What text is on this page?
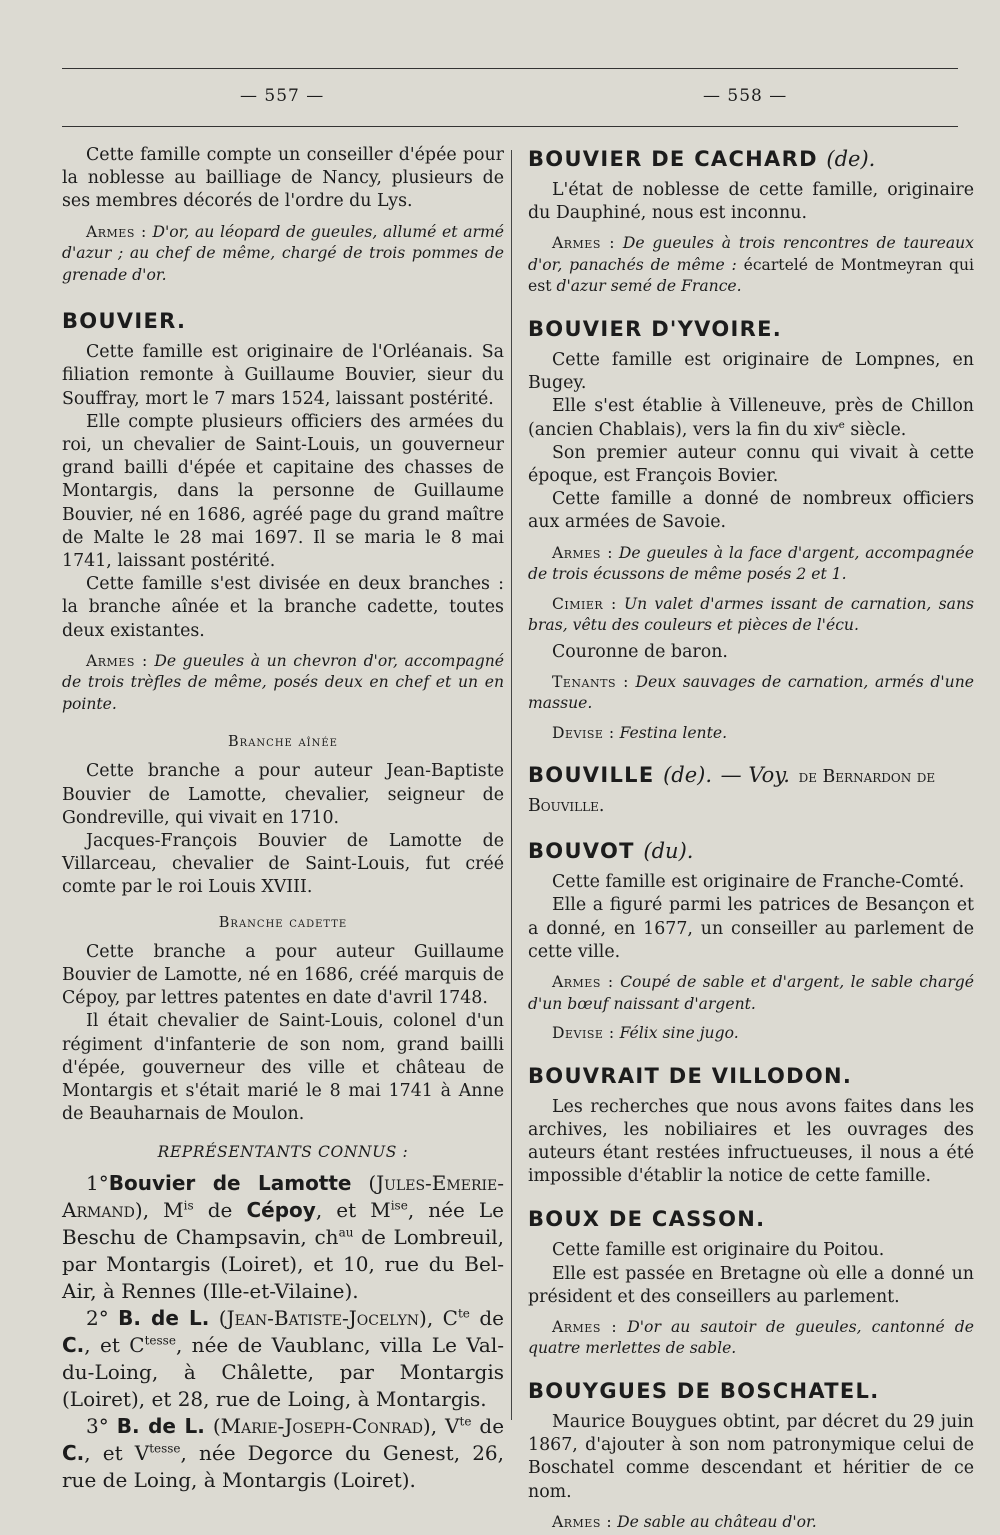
— 557 —	— 558 —

Cette famille compte un conseiller d'épée pour la noblesse au bailliage de Nancy, plusieurs de ses membres décorés de l'ordre du Lys.

Armes : D'or, au léopard de gueules, allumé et armé d'azur ; au chef de même, chargé de trois pommes de grenade d'or.

BOUVIER.

Cette famille est originaire de l'Orléanais. Sa filiation remonte à Guillaume Bouvier, sieur du Souffray, mort le 7 mars 1524, laissant postérité.

Elle compte plusieurs officiers des armées du roi, un chevalier de Saint-Louis, un gouverneur grand bailli d'épée et capitaine des chasses de Montargis, dans la personne de Guillaume Bouvier, né en 1686, agréé page du grand maître de Malte le 28 mai 1697. Il se maria le 8 mai 1741, laissant postérité.

Cette famille s'est divisée en deux branches : la branche aînée et la branche cadette, toutes deux existantes.

Armes : De gueules à un chevron d'or, accompagné de trois trèfles de même, posés deux en chef et un en pointe.

Branche aînée

Cette branche a pour auteur Jean-Baptiste Bouvier de Lamotte, chevalier, seigneur de Gondreville, qui vivait en 1710.

Jacques-François Bouvier de Lamotte de Villarceau, chevalier de Saint-Louis, fut créé comte par le roi Louis XVIII.

Branche cadette

Cette branche a pour auteur Guillaume Bouvier de Lamotte, né en 1686, créé marquis de Cépoy, par lettres patentes en date d'avril 1748.

Il était chevalier de Saint-Louis, colonel d'un régiment d'infanterie de son nom, grand bailli d'épée, gouverneur des ville et château de Montargis et s'était marié le 8 mai 1741 à Anne de Beauharnais de Moulon.

REPRÉSENTANTS CONNUS :

1°Bouvier de Lamotte (Jules-Emerie-Armand), $M^{is}$ de Cépoy, et $M^{ise}$, née Le Beschu de Champsavin, $ch^{au}$ de Lombreuil, par Montargis (Loiret), et 10, rue du Bel-Air, à Rennes (Ille-et-Vilaine).

2° B. de L. (Jean-Batiste-Jocelyn), $C^{te}$ de C., et $C^{tesse}$, née de Vaublanc, villa Le Val-du-Loing, à Châlette, par Montargis (Loiret), et 28, rue de Loing, à Montargis.

3° B. de L. (Marie-Joseph-Conrad), $V^{te}$ de C., et $V^{tesse}$, née Degorce du Genest, 26, rue de Loing, à Montargis (Loiret).

BOUVIER DE CACHARD (de).

L'état de noblesse de cette famille, originaire du Dauphiné, nous est inconnu.

Armes : De gueules à trois rencontres de taureaux d'or, panachés de même : écartelé de Montmeyran qui est d'azur semé de France.

BOUVIER D'YVOIRE.

Cette famille est originaire de Lompnes, en Bugey.

Elle s'est établie à Villeneuve, près de Chillon (ancien Chablais), vers la fin du xiv$^e$ siècle.

Son premier auteur connu qui vivait à cette époque, est François Bovier.

Cette famille a donné de nombreux officiers aux armées de Savoie.

Armes : De gueules à la face d'argent, accompagnée de trois écussons de même posés 2 et 1.

Cimier : Un valet d'armes issant de carnation, sans bras, vêtu des couleurs et pièces de l'écu.

Couronne de baron.

Tenants : Deux sauvages de carnation, armés d'une massue.

Devise : Festina lente.

BOUVILLE (de). — Voy. de Bernardon de Bouville.
BOUVOT (du).

Cette famille est originaire de Franche-Comté.

Elle a figuré parmi les patrices de Besançon et a donné, en 1677, un conseiller au parlement de cette ville.

Armes : Coupé de sable et d'argent, le sable chargé d'un bœuf naissant d'argent.

Devise : Félix sine jugo.

BOUVRAIT DE VILLODON.

Les recherches que nous avons faites dans les archives, les nobiliaires et les ouvrages des auteurs étant restées infructueuses, il nous a été impossible d'établir la notice de cette famille.

BOUX DE CASSON.

Cette famille est originaire du Poitou.

Elle est passée en Bretagne où elle a donné un président et des conseillers au parlement.

Armes : D'or au sautoir de gueules, cantonné de quatre merlettes de sable.

BOUYGUES DE BOSCHATEL.

Maurice Bouygues obtint, par décret du 29 juin 1867, d'ajouter à son nom patronymique celui de Boschatel comme descendant et héritier de ce nom.

Armes : De sable au château d'or.
